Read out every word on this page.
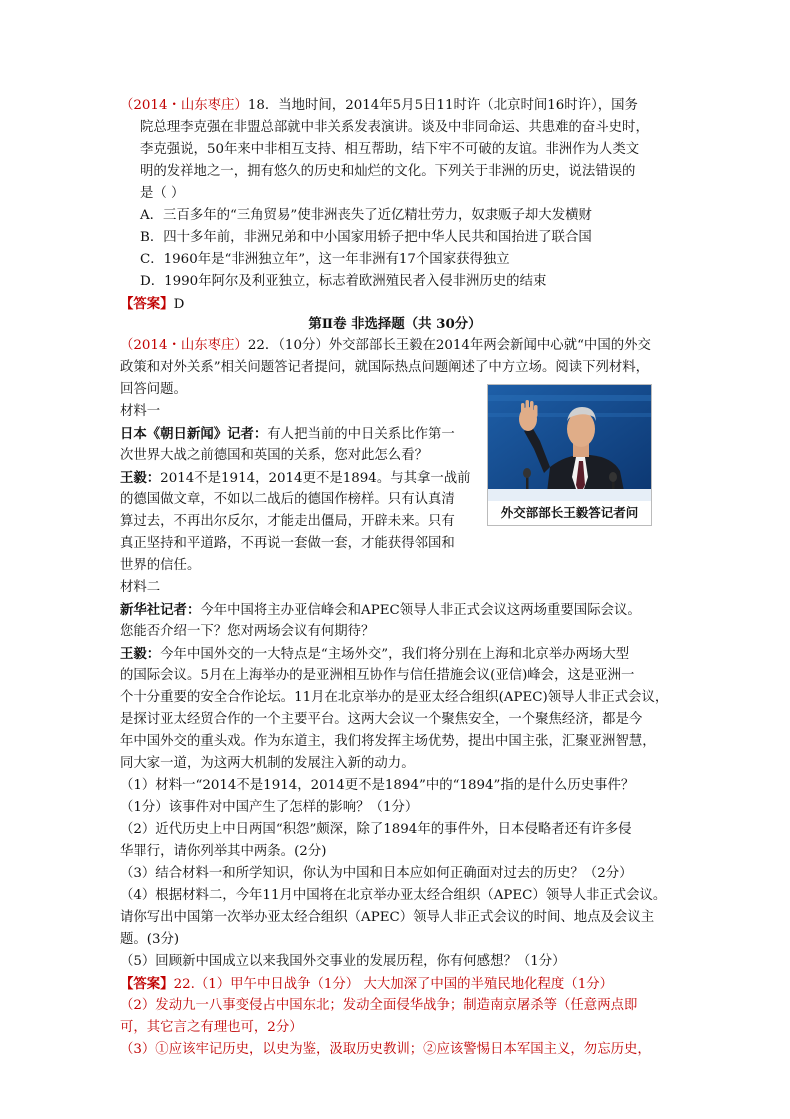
（2014・山东枣庄）18．当地时间，2014年5月5日11时许（北京时间16时许），国务
院总理李克强在非盟总部就中非关系发表演讲。谈及中非同命运、共患难的奋斗史时，
李克强说，50年来中非相互支持、相互帮助，结下牢不可破的友谊。非洲作为人类文
明的发祥地之一，拥有悠久的历史和灿烂的文化。下列关于非洲的历史，说法错误的
是（ ）
A．三百多年的“三角贸易”使非洲丧失了近亿精壮劳力，奴隶贩子却大发横财
B．四十多年前，非洲兄弟和中小国家用轿子把中华人民共和国抬进了联合国
C．1960年是“非洲独立年”，这一年非洲有17个国家获得独立
D．1990年阿尔及利亚独立，标志着欧洲殖民者入侵非洲历史的结束
【答案】D
第Ⅱ卷 非选择题（共 30分）
（2014・山东枣庄）22．（10分）外交部部长王毅在2014年两会新闻中心就“中国的外交
政策和对外关系”相关问题答记者提问，就国际热点问题阐述了中方立场。阅读下列材料，
回答问题。
材料一
日本《朝日新闻》记者：有人把当前的中日关系比作第一
次世界大战之前德国和英国的关系，您对此怎么看？
王毅：2014不是1914，2014更不是1894。与其拿一战前
的德国做文章，不如以二战后的德国作榜样。只有认真清
算过去，不再出尔反尔，才能走出僵局，开辟未来。只有
真正坚持和平道路，不再说一套做一套，才能获得邻国和
世界的信任。
外交部部长王毅答记者问
材料二
新华社记者：今年中国将主办亚信峰会和APEC领导人非正式会议这两场重要国际会议。
您能否介绍一下？您对两场会议有何期待？
王毅：今年中国外交的一大特点是“主场外交”，我们将分别在上海和北京举办两场大型
的国际会议。5月在上海举办的是亚洲相互协作与信任措施会议(亚信)峰会，这是亚洲一
个十分重要的安全合作论坛。11月在北京举办的是亚太经合组织(APEC)领导人非正式会议，
是探讨亚太经贸合作的一个主要平台。这两大会议一个聚焦安全，一个聚焦经济，都是今
年中国外交的重头戏。作为东道主，我们将发挥主场优势，提出中国主张，汇聚亚洲智慧，
同大家一道，为这两大机制的发展注入新的动力。
（1）材料一“2014不是1914，2014更不是1894”中的“1894”指的是什么历史事件？
（1分）该事件对中国产生了怎样的影响？（1分）
（2）近代历史上中日两国“积怨”颇深，除了1894年的事件外，日本侵略者还有许多侵
华罪行，请你列举其中两条。(2分)
（3）结合材料一和所学知识，你认为中国和日本应如何正确面对过去的历史？（2分）
（4）根据材料二，今年11月中国将在北京举办亚太经合组织（APEC）领导人非正式会议。
请你写出中国第一次举办亚太经合组织（APEC）领导人非正式会议的时间、地点及会议主
题。(3分)
（5）回顾新中国成立以来我国外交事业的发展历程，你有何感想？（1分）
【答案】22.（1）甲午中日战争（1分） 大大加深了中国的半殖民地化程度（1分）
（2）发动九一八事变侵占中国东北；发动全面侵华战争；制造南京屠杀等（任意两点即
可，其它言之有理也可，2分）
（3）①应该牢记历史，以史为鉴，汲取历史教训；②应该警惕日本军国主义，勿忘历史，
